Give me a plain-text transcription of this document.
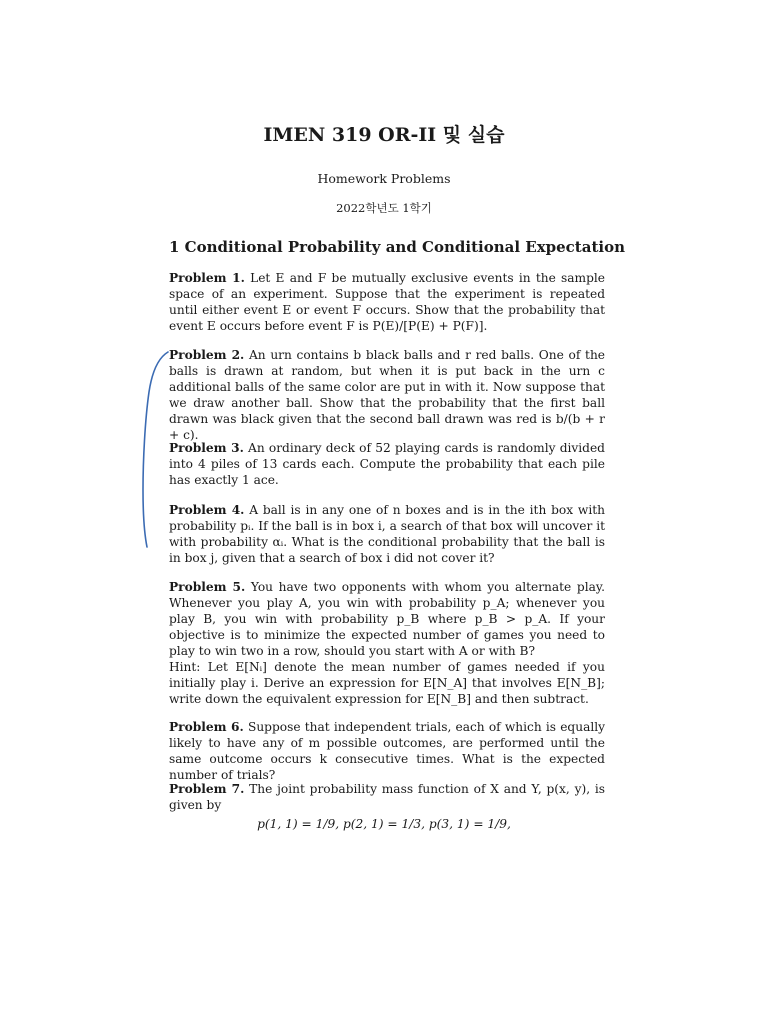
IMEN 319 OR-II 및 실습
Homework Problems
2022학년도 1학기
1 Conditional Probability and Conditional Expectation
Problem 1. Let E and F be mutually exclusive events in the sample space of an experiment. Suppose that the experiment is repeated until either event E or event F occurs. Show that the probability that event E occurs before event F is P(E)/[P(E) + P(F)].
Problem 2. An urn contains b black balls and r red balls. One of the balls is drawn at random, but when it is put back in the urn c additional balls of the same color are put in with it. Now suppose that we draw another ball. Show that the probability that the first ball drawn was black given that the second ball drawn was red is b/(b + r + c).
Problem 3. An ordinary deck of 52 playing cards is randomly divided into 4 piles of 13 cards each. Compute the probability that each pile has exactly 1 ace.
Problem 4. A ball is in any one of n boxes and is in the ith box with probability pᵢ. If the ball is in box i, a search of that box will uncover it with probability αᵢ. What is the conditional probability that the ball is in box j, given that a search of box i did not cover it?
Problem 5. You have two opponents with whom you alternate play. Whenever you play A, you win with probability p_A; whenever you play B, you win with probability p_B where p_B > p_A. If your objective is to minimize the expected number of games you need to play to win two in a row, should you start with A or with B?
Hint: Let E[Nᵢ] denote the mean number of games needed if you initially play i. Derive an expression for E[N_A] that involves E[N_B]; write down the equivalent expression for E[N_B] and then subtract.
Problem 6. Suppose that independent trials, each of which is equally likely to have any of m possible outcomes, are performed until the same outcome occurs k consecutive times. What is the expected number of trials?
Problem 7. The joint probability mass function of X and Y, p(x, y), is given by
p(1, 1) = 1/9, p(2, 1) = 1/3, p(3, 1) = 1/9,
